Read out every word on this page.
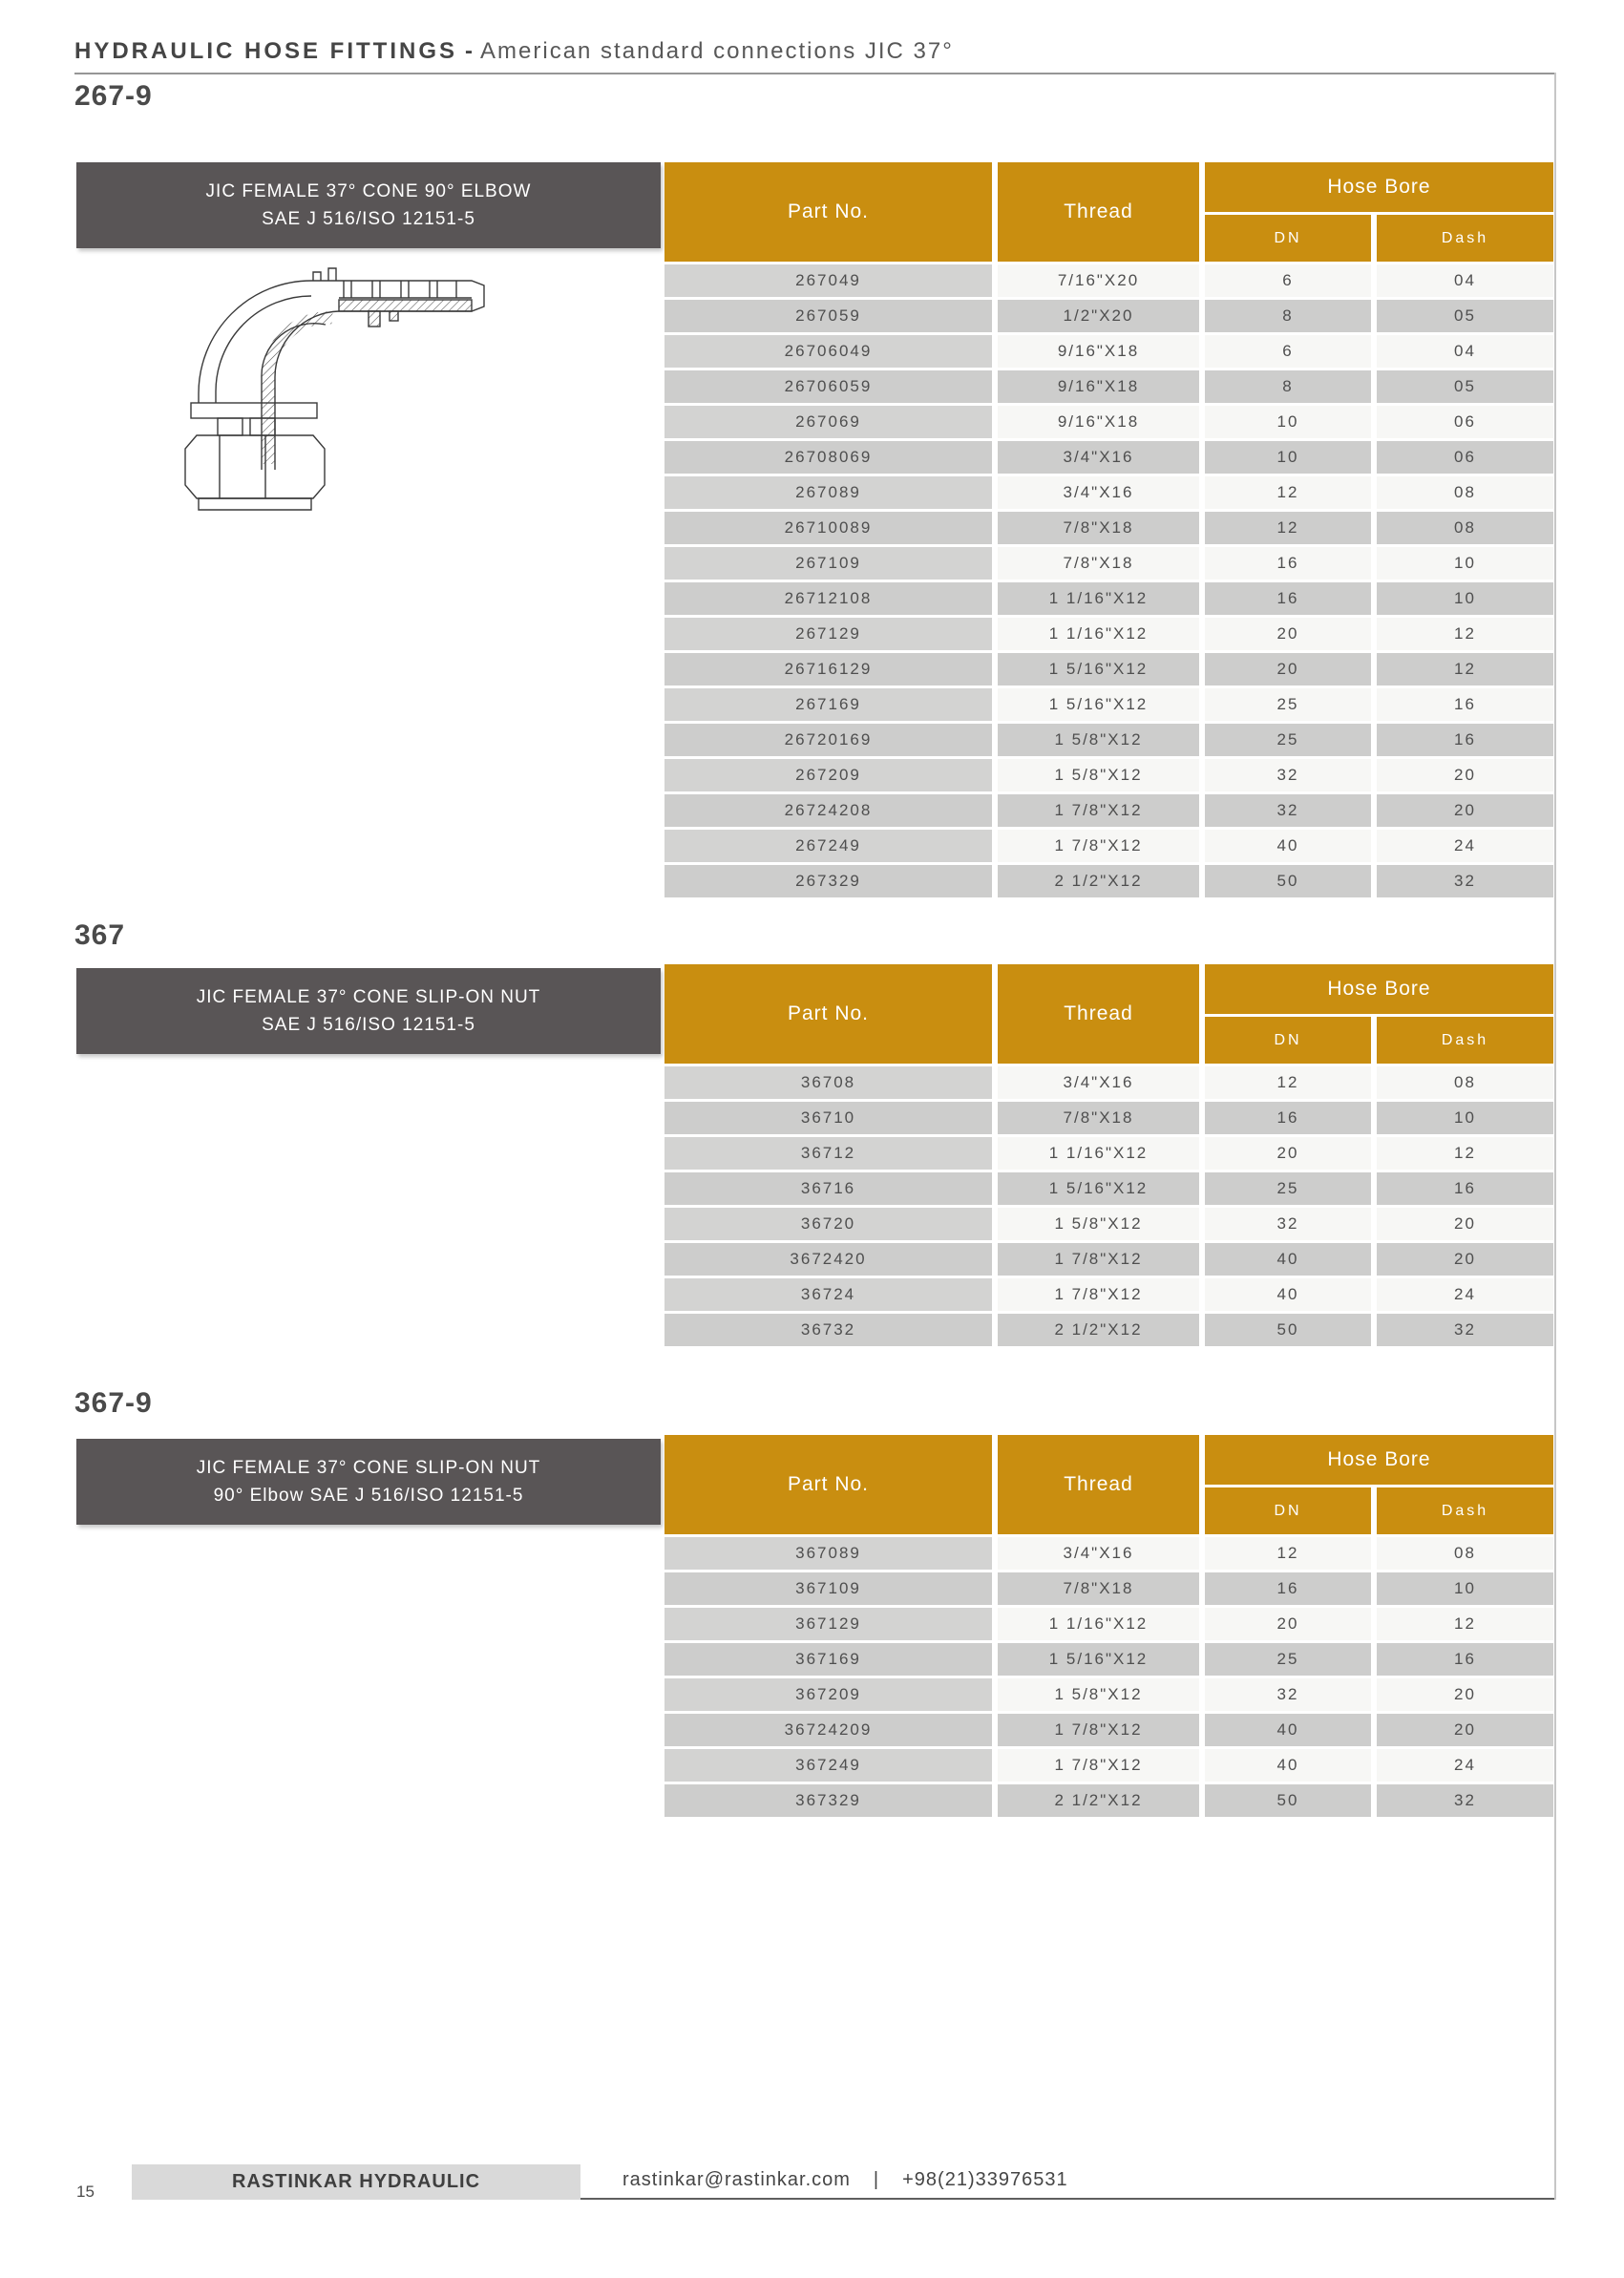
HYDRAULIC HOSE FITTINGS - American standard connections JIC 37°
267-9
JIC FEMALE 37° CONE 90° ELBOW
SAE J 516/ISO 12151-5	Part No.	Thread
Hose Bore
DN	Dash
267049	7/16"X20	6	04
267059	1/2"X20	8	05
26706049	9/16"X18	6	04
26706059	9/16"X18	8	05
267069	9/16"X18	10	06
26708069	3/4"X16	10	06
267089	3/4"X16	12	08
26710089	7/8"X18	12	08
267109	7/8"X18	16	10
26712108	1 1/16"X12	16	10
267129	1 1/16"X12	20	12
26716129	1 5/16"X12	20	12
267169	1 5/16"X12	25	16
26720169	1 5/8"X12	25	16
267209	1 5/8"X12	32	20
26724208	1 7/8"X12	32	20
267249	1 7/8"X12	40	24
267329	2 1/2"X12	50	32
367
JIC FEMALE 37° CONE SLIP-ON NUT
SAE J 516/ISO 12151-5	Part No.	Thread
Hose Bore
DN	Dash
36708	3/4"X16	12	08
36710	7/8"X18	16	10
36712	1 1/16"X12	20	12
36716	1 5/16"X12	25	16
36720	1 5/8"X12	32	20
3672420	1 7/8"X12	40	20
36724	1 7/8"X12	40	24
36732	2 1/2"X12	50	32
367-9
JIC FEMALE 37° CONE SLIP-ON NUT
90° Elbow SAE J 516/ISO 12151-5	Part No.	Thread
Hose Bore
DN	Dash
367089	3/4"X16	12	08
367109	7/8"X18	16	10
367129	1 1/16"X12	20	12
367169	1 5/16"X12	25	16
367209	1 5/8"X12	32	20
36724209	1 7/8"X12	40	20
367249	1 7/8"X12	40	24
367329	2 1/2"X12	50	32
15	RASTINKAR HYDRAULIC	rastinkar@rastinkar.com | +98(21)33976531
